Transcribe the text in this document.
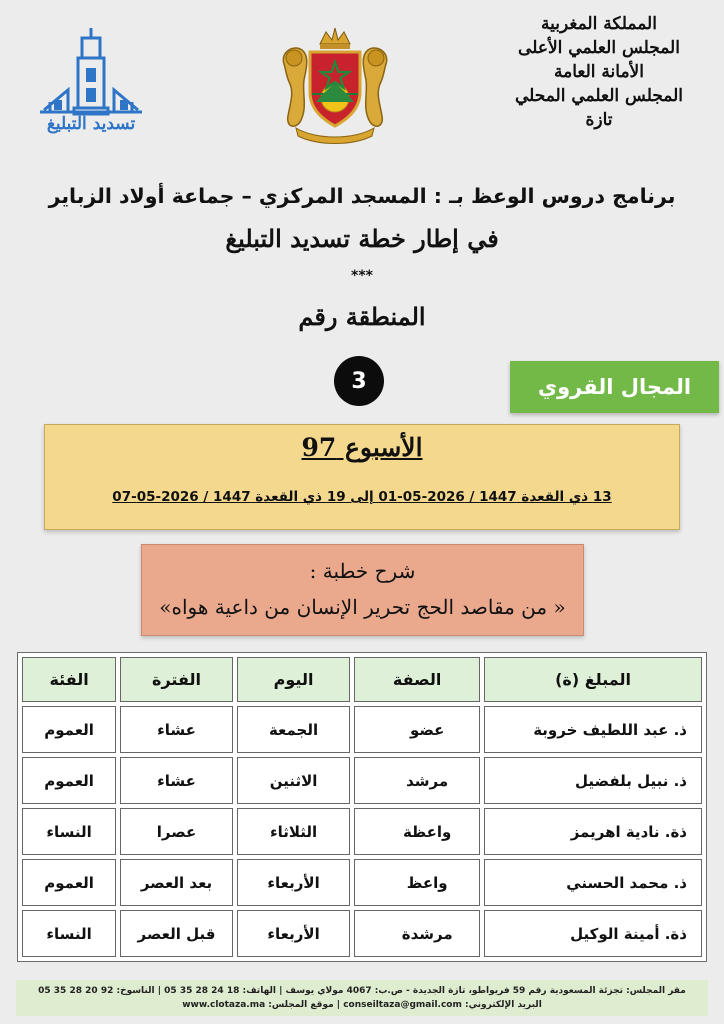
المملكة المغربية
المجلس العلمي الأعلى
الأمانة العامة
المجلس العلمي المحلي
تازة
تسديد التبليغ
برنامج دروس الوعظ بـ : المسجد المركزي – جماعة أولاد الزباير
في إطار خطة تسديد التبليغ
***
المنطقة رقم
3	المجال القروي
الأسبوع 97
13 ذي القعدة 1447 / 2026-05-01 إلى 19 ذي القعدة 1447 / 2026-05-07
شرح خطبة :
« من مقاصد الحج تحرير الإنسان من داعية هواه»
المبلغ (ة)	الصفة	اليوم	الفترة	الفئة
ذ. عبد اللطيف خروبة	عضو	الجمعة	عشاء	العموم
ذ. نبيل بلفضيل	مرشد	الاثنين	عشاء	العموم
ذة. نادية اهريمز	واعظة	الثلاثاء	عصرا	النساء
ذ. محمد الحسني	واعظ	الأربعاء	بعد العصر	العموم
ذة. أمينة الوكيل	مرشدة	الأربعاء	قبل العصر	النساء
مقر المجلس: تجزئة المسعودية رقم 59 فريواطو، تازة الجديدة - ص.ب: 4067 مولاي يوسف | الهاتف: 18 24 28 35 05 | الناسوخ: 92 20 28 35 05
البريد الإلكتروني: conseiltaza@gmail.com | موقع المجلس: www.clotaza.ma
